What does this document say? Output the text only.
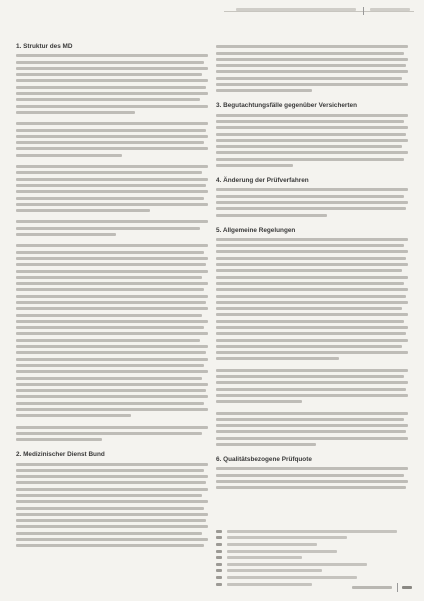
1. Struktur des MD
2. Medizinischer Dienst Bund
3. Begutachtungsfälle gegenüber Versicherten
4. Änderung der Prüfverfahren
5. Allgemeine Regelungen
6. Qualitätsbezogene Prüfquote
